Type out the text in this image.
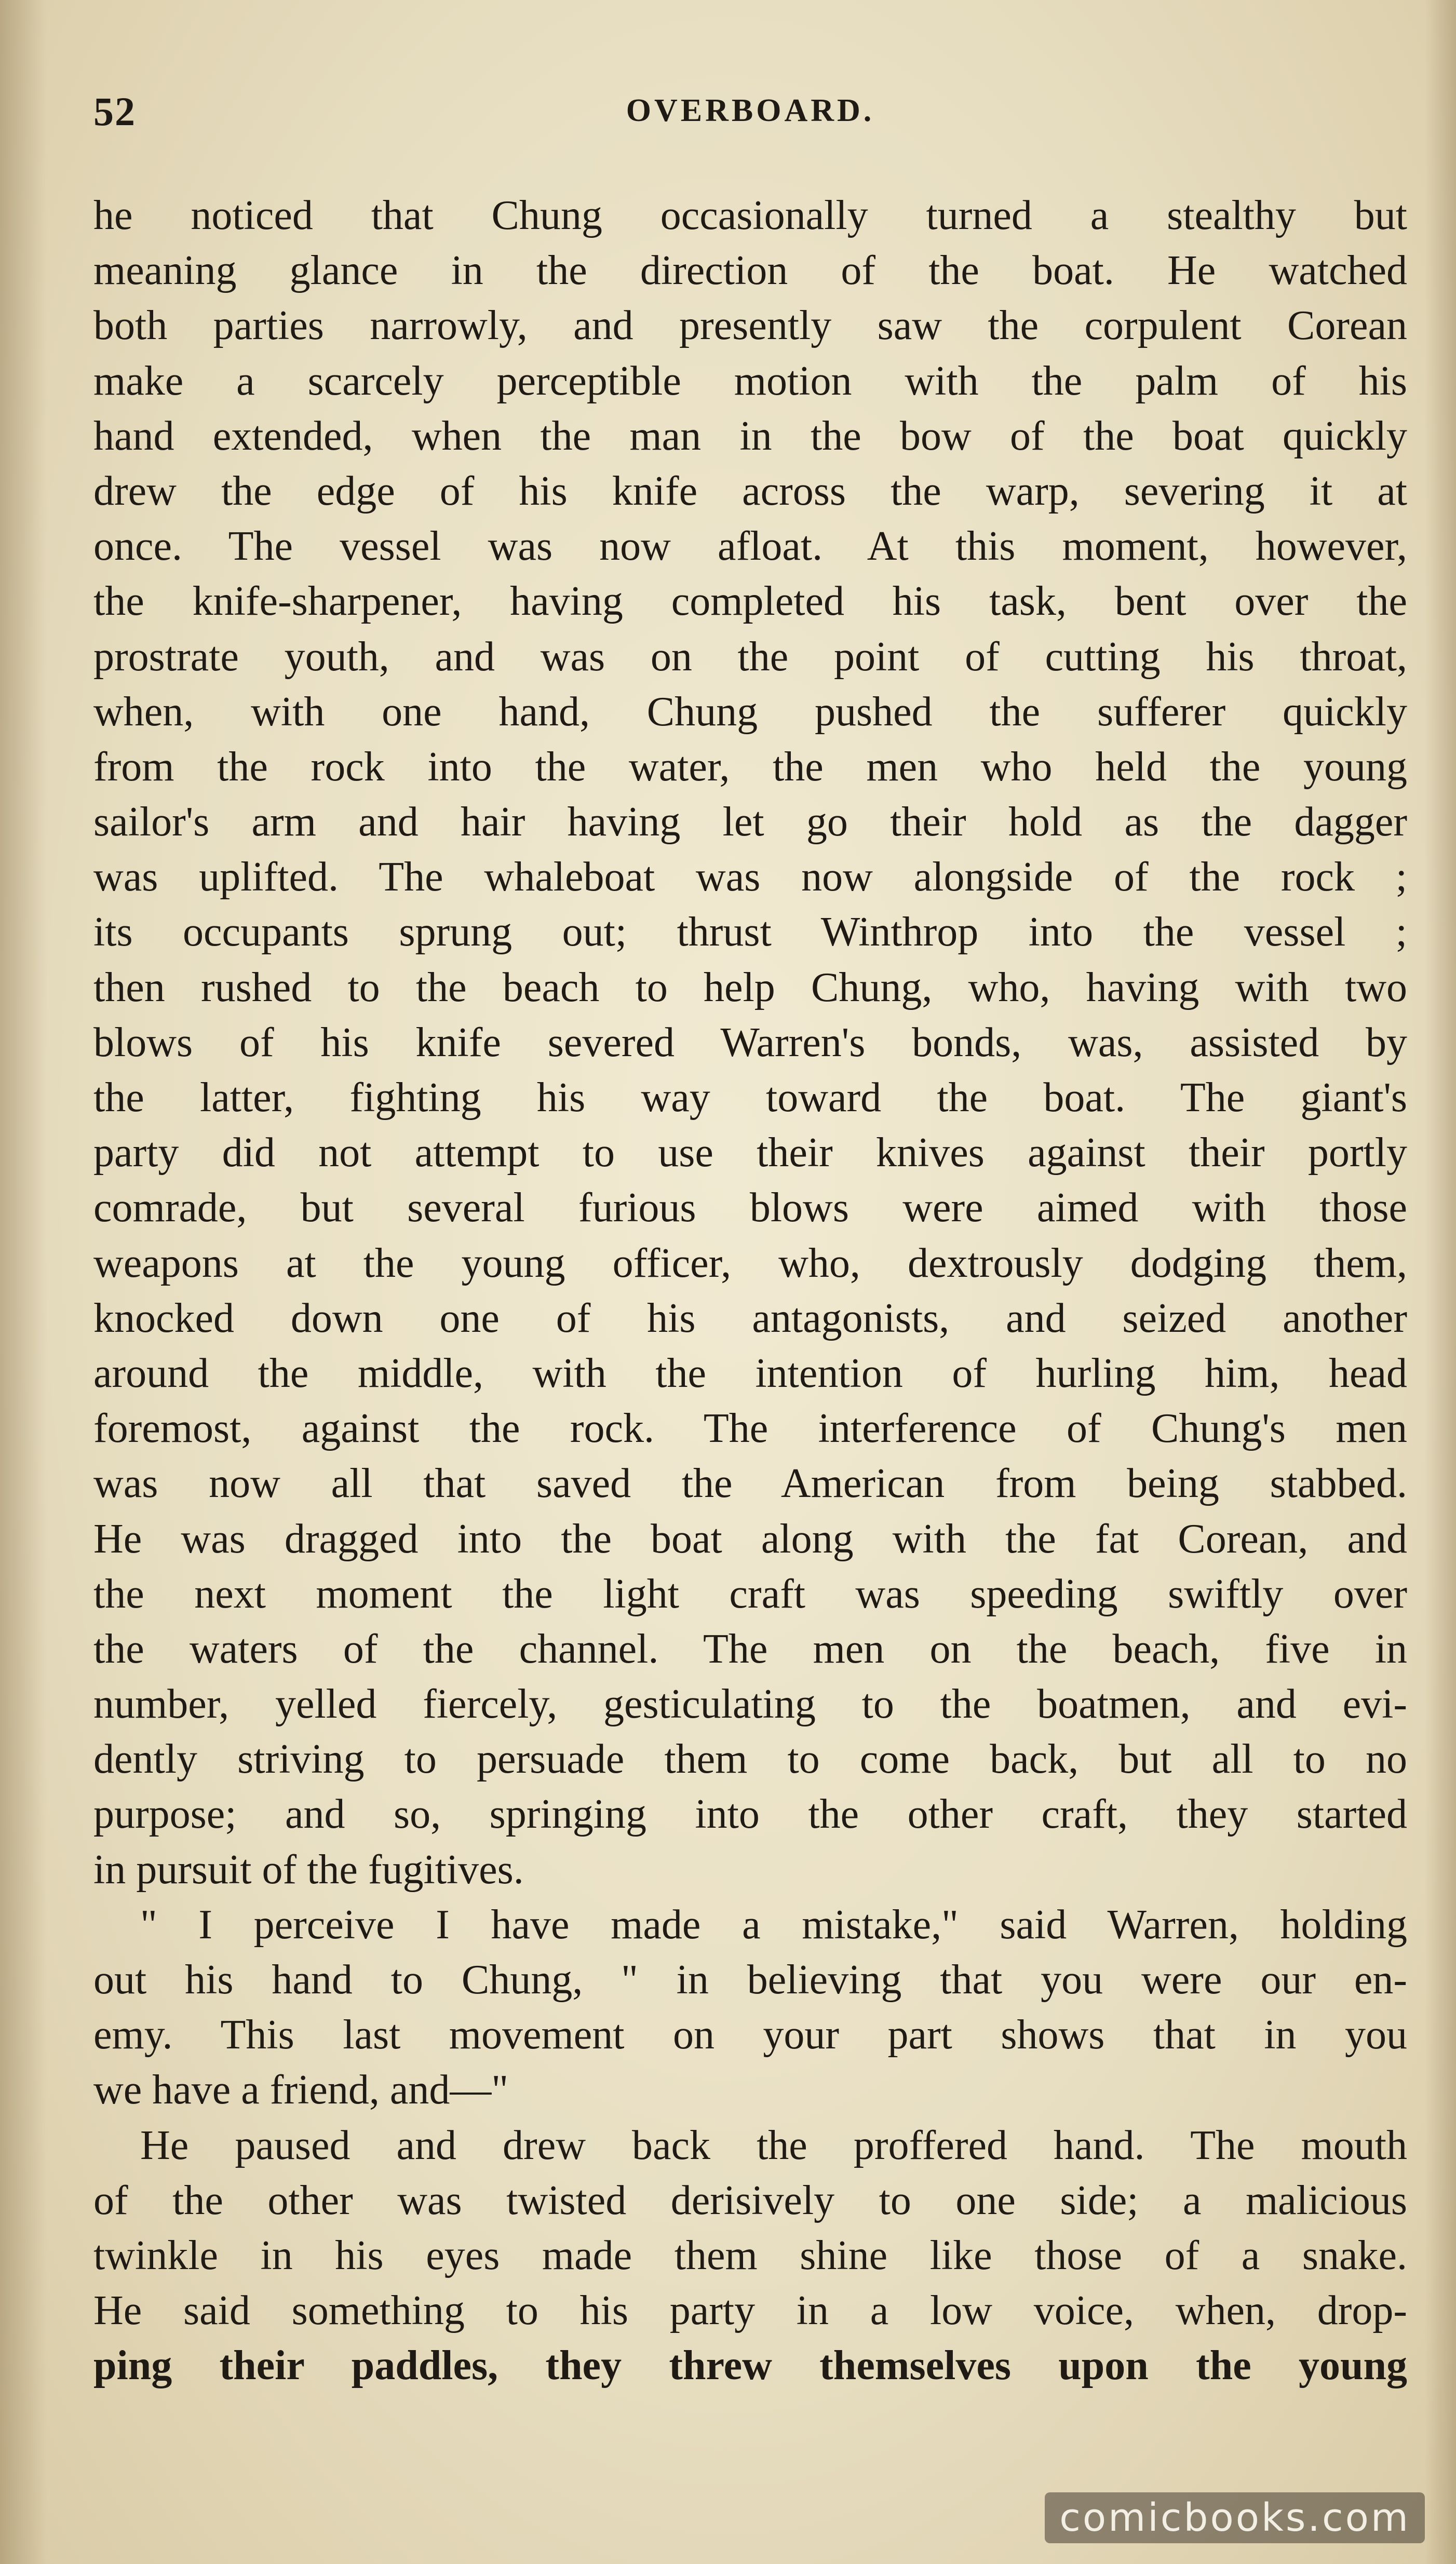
52	OVERBOARD.
he noticed that Chung occasionally turned a stealthy but
meaning glance in the direction of the boat. He watched
both parties narrowly, and presently saw the corpulent Corean
make a scarcely perceptible motion with the palm of his
hand extended, when the man in the bow of the boat quickly
drew the edge of his knife across the warp, severing it at
once. The vessel was now afloat. At this moment, however,
the knife-sharpener, having completed his task, bent over the
prostrate youth, and was on the point of cutting his throat,
when, with one hand, Chung pushed the sufferer quickly
from the rock into the water, the men who held the young
sailor's arm and hair having let go their hold as the dagger
was uplifted. The whaleboat was now alongside of the rock ;
its occupants sprung out; thrust Winthrop into the vessel ;
then rushed to the beach to help Chung, who, having with two
blows of his knife severed Warren's bonds, was, assisted by
the latter, fighting his way toward the boat. The giant's
party did not attempt to use their knives against their portly
comrade, but several furious blows were aimed with those
weapons at the young officer, who, dextrously dodging them,
knocked down one of his antagonists, and seized another
around the middle, with the intention of hurling him, head
foremost, against the rock. The interference of Chung's men
was now all that saved the American from being stabbed.
He was dragged into the boat along with the fat Corean, and
the next moment the light craft was speeding swiftly over
the waters of the channel. The men on the beach, five in
number, yelled fiercely, gesticulating to the boatmen, and evi-
dently striving to persuade them to come back, but all to no
purpose; and so, springing into the other craft, they started
in pursuit of the fugitives.
" I perceive I have made a mistake," said Warren, holding
out his hand to Chung, " in believing that you were our en-
emy. This last movement on your part shows that in you
we have a friend, and—"
He paused and drew back the proffered hand. The mouth
of the other was twisted derisively to one side; a malicious
twinkle in his eyes made them shine like those of a snake.
He said something to his party in a low voice, when, drop-
ping their paddles, they threw themselves upon the young
comicbooks.com
